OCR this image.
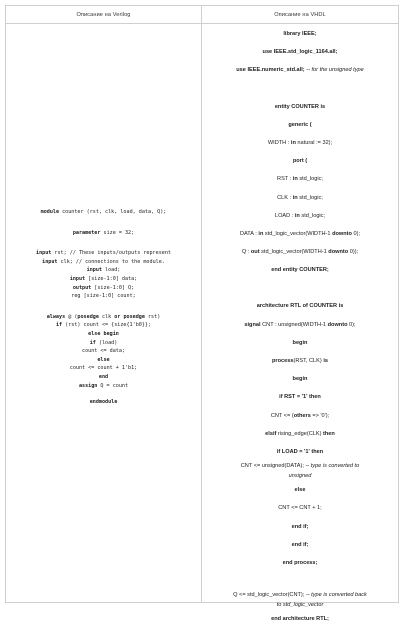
Описание на Verilog	Описание на VHDL
module counter (rst, clk, load, data, Q);
parameter size = 32;
input rst; // These inputs/outputs represent
input clk; // connections to the module.
input load;
input [size-1:0] data;
output [size-1:0] Q;
reg [size-1:0] count;
always @ (posedge clk or posedge rst)
if (rst) count <= {size{1'b0}};
else begin
if (load)
count <= data;
else
count <= count + 1'b1;
end
assign Q = count
endmodule
library IEEE;
use IEEE.std_logic_1164.all;
use IEEE.numeric_std.all; -- for the unsigned type
entity COUNTER is
generic (
WIDTH : in natural := 32);
port (
RST : in std_logic;
CLK : in std_logic;
LOAD : in std_logic;
DATA : in std_logic_vector(WIDTH-1 downto 0);
Q : out std_logic_vector(WIDTH-1 downto 0));
end entity COUNTER;
architecture RTL of COUNTER is
signal CNT : unsigned(WIDTH-1 downto 0);
begin
process(RST, CLK) is
begin
if RST = '1' then
CNT <= (others => '0');
elsif rising_edge(CLK) then
if LOAD = '1' then
CNT <= unsigned(DATA); -- type is converted to
unsigned
else
CNT <= CNT + 1;
end if;
end if;
end process;
Q <= std_logic_vector(CNT); -- type is converted back
to std_logic_vector
end architecture RTL;
